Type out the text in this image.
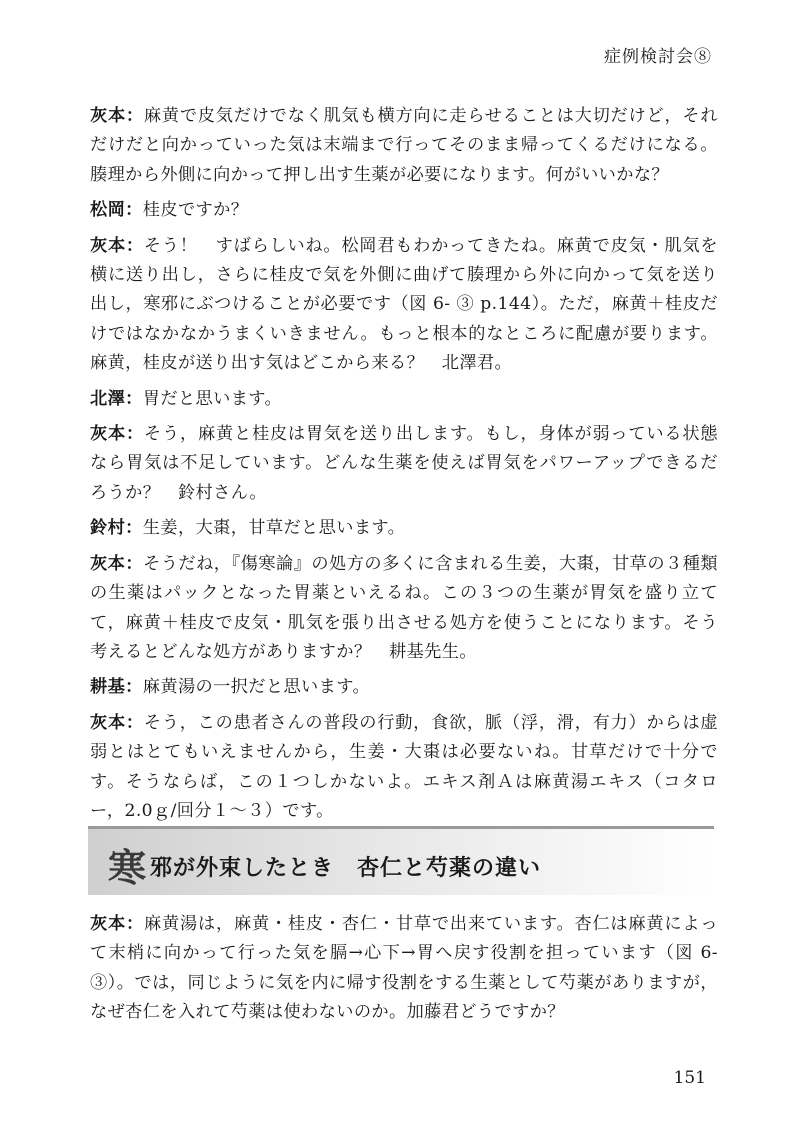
症例検討会⑧

灰本：麻黄で皮気だけでなく肌気も横方向に走らせることは大切だけど，それだけだと向かっていった気は末端まで行ってそのまま帰ってくるだけになる。腠理から外側に向かって押し出す生薬が必要になります。何がいいかな？

松岡：桂皮ですか？

灰本：そう！　すばらしいね。松岡君もわかってきたね。麻黄で皮気・肌気を横に送り出し，さらに桂皮で気を外側に曲げて腠理から外に向かって気を送り出し，寒邪にぶつけることが必要です（図 6- ③ p.144）。ただ，麻黄＋桂皮だけではなかなかうまくいきません。もっと根本的なところに配慮が要ります。麻黄，桂皮が送り出す気はどこから来る？　北澤君。

北澤：胃だと思います。

灰本：そう，麻黄と桂皮は胃気を送り出します。もし，身体が弱っている状態なら胃気は不足しています。どんな生薬を使えば胃気をパワーアップできるだろうか？　鈴村さん。

鈴村：生姜，大棗，甘草だと思います。

灰本：そうだね，『傷寒論』の処方の多くに含まれる生姜，大棗，甘草の３種類の生薬はパックとなった胃薬といえるね。この３つの生薬が胃気を盛り立てて，麻黄＋桂皮で皮気・肌気を張り出させる処方を使うことになります。そう考えるとどんな処方がありますか？　耕基先生。

耕基：麻黄湯の一択だと思います。

灰本：そう，この患者さんの普段の行動，食欲，脈（浮，滑，有力）からは虚弱とはとてもいえませんから，生姜・大棗は必要ないね。甘草だけで十分です。そうならば，この１つしかないよ。エキス剤Ａは麻黄湯エキス（コタロー，2.0ｇ/回分１～３）です。

寒 邪が外束したとき　杏仁と芍薬の違い

灰本：麻黄湯は，麻黄・桂皮・杏仁・甘草で出来ています。杏仁は麻黄によって末梢に向かって行った気を膈→心下→胃へ戻す役割を担っています（図 6- ③）。では，同じように気を内に帰す役割をする生薬として芍薬がありますが，なぜ杏仁を入れて芍薬は使わないのか。加藤君どうですか？

151
